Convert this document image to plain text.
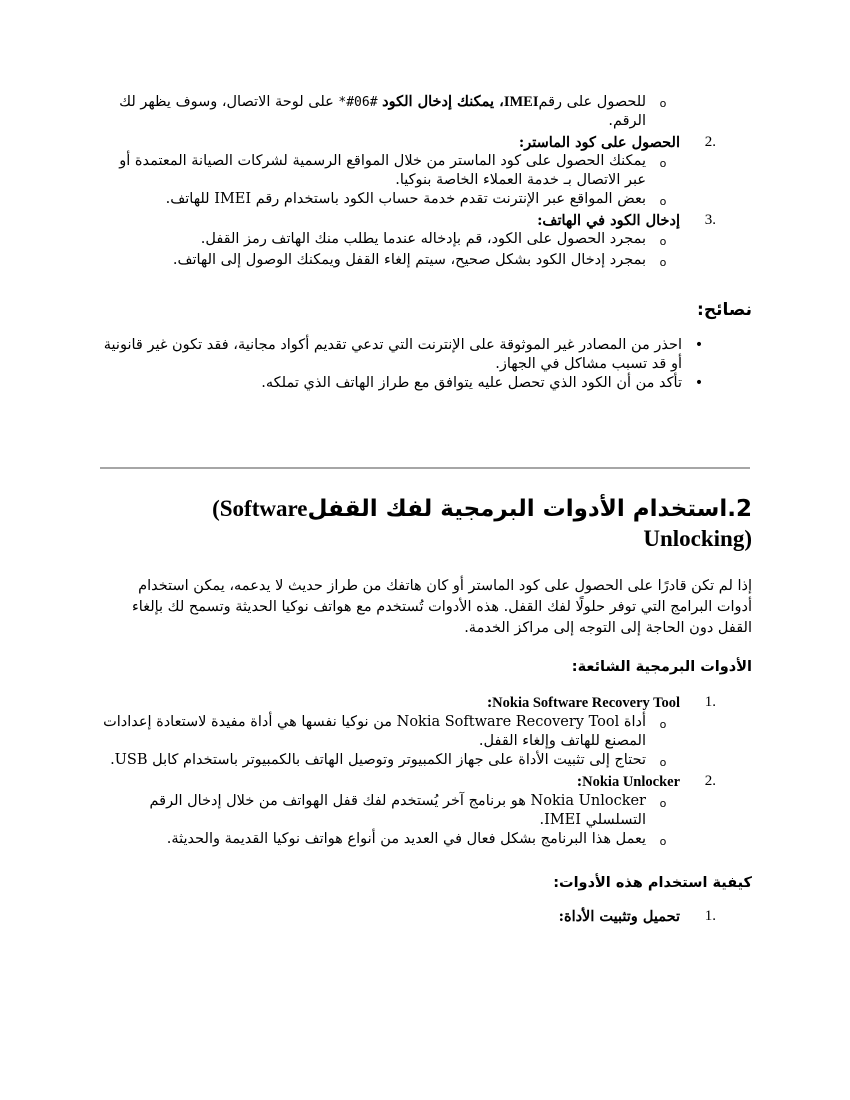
o
للحصول على رقمIMEI، يمكنك إدخال الكود *#06# على لوحة الاتصال، وسوف يظهر لك الرقم.
.2
الحصول على كود الماستر:
o
يمكنك الحصول على كود الماستر من خلال المواقع الرسمية لشركات الصيانة المعتمدة أو عبر الاتصال بـ خدمة العملاء الخاصة بنوكيا.
o
بعض المواقع عبر الإنترنت تقدم خدمة حساب الكود باستخدام رقم IMEI للهاتف.
.3
إدخال الكود في الهاتف:
o
بمجرد الحصول على الكود، قم بإدخاله عندما يطلب منك الهاتف رمز القفل.
o
بمجرد إدخال الكود بشكل صحيح، سيتم إلغاء القفل ويمكنك الوصول إلى الهاتف.
نصائح:
•
احذر من المصادر غير الموثوقة على الإنترنت التي تدعي تقديم أكواد مجانية، فقد تكون غير قانونية أو قد تسبب مشاكل في الجهاز.
•
تأكد من أن الكود الذي تحصل عليه يتوافق مع طراز الهاتف الذي تملكه.
2.استخدام الأدوات البرمجية لفك القفل(Software Unlocking)

إذا لم تكن قادرًا على الحصول على كود الماستر أو كان هاتفك من طراز حديث لا يدعمه، يمكن استخدام أدوات البرامج التي توفر حلولًا لفك القفل. هذه الأدوات تُستخدم مع هواتف نوكيا الحديثة وتسمح لك بإلغاء القفل دون الحاجة إلى التوجه إلى مراكز الخدمة.

الأدوات البرمجية الشائعة:
.1
Nokia Software Recovery Tool:
o
أداة Nokia Software Recovery Tool من نوكيا نفسها هي أداة مفيدة لاستعادة إعدادات المصنع للهاتف وإلغاء القفل.
o
تحتاج إلى تثبيت الأداة على جهاز الكمبيوتر وتوصيل الهاتف بالكمبيوتر باستخدام كابل USB.
.2
Nokia Unlocker:
o
Nokia Unlocker هو برنامج آخر يُستخدم لفك قفل الهواتف من خلال إدخال الرقم التسلسلي IMEI.
o
يعمل هذا البرنامج بشكل فعال في العديد من أنواع هواتف نوكيا القديمة والحديثة.
كيفية استخدام هذه الأدوات:
.1
تحميل وتثبيت الأداة:
